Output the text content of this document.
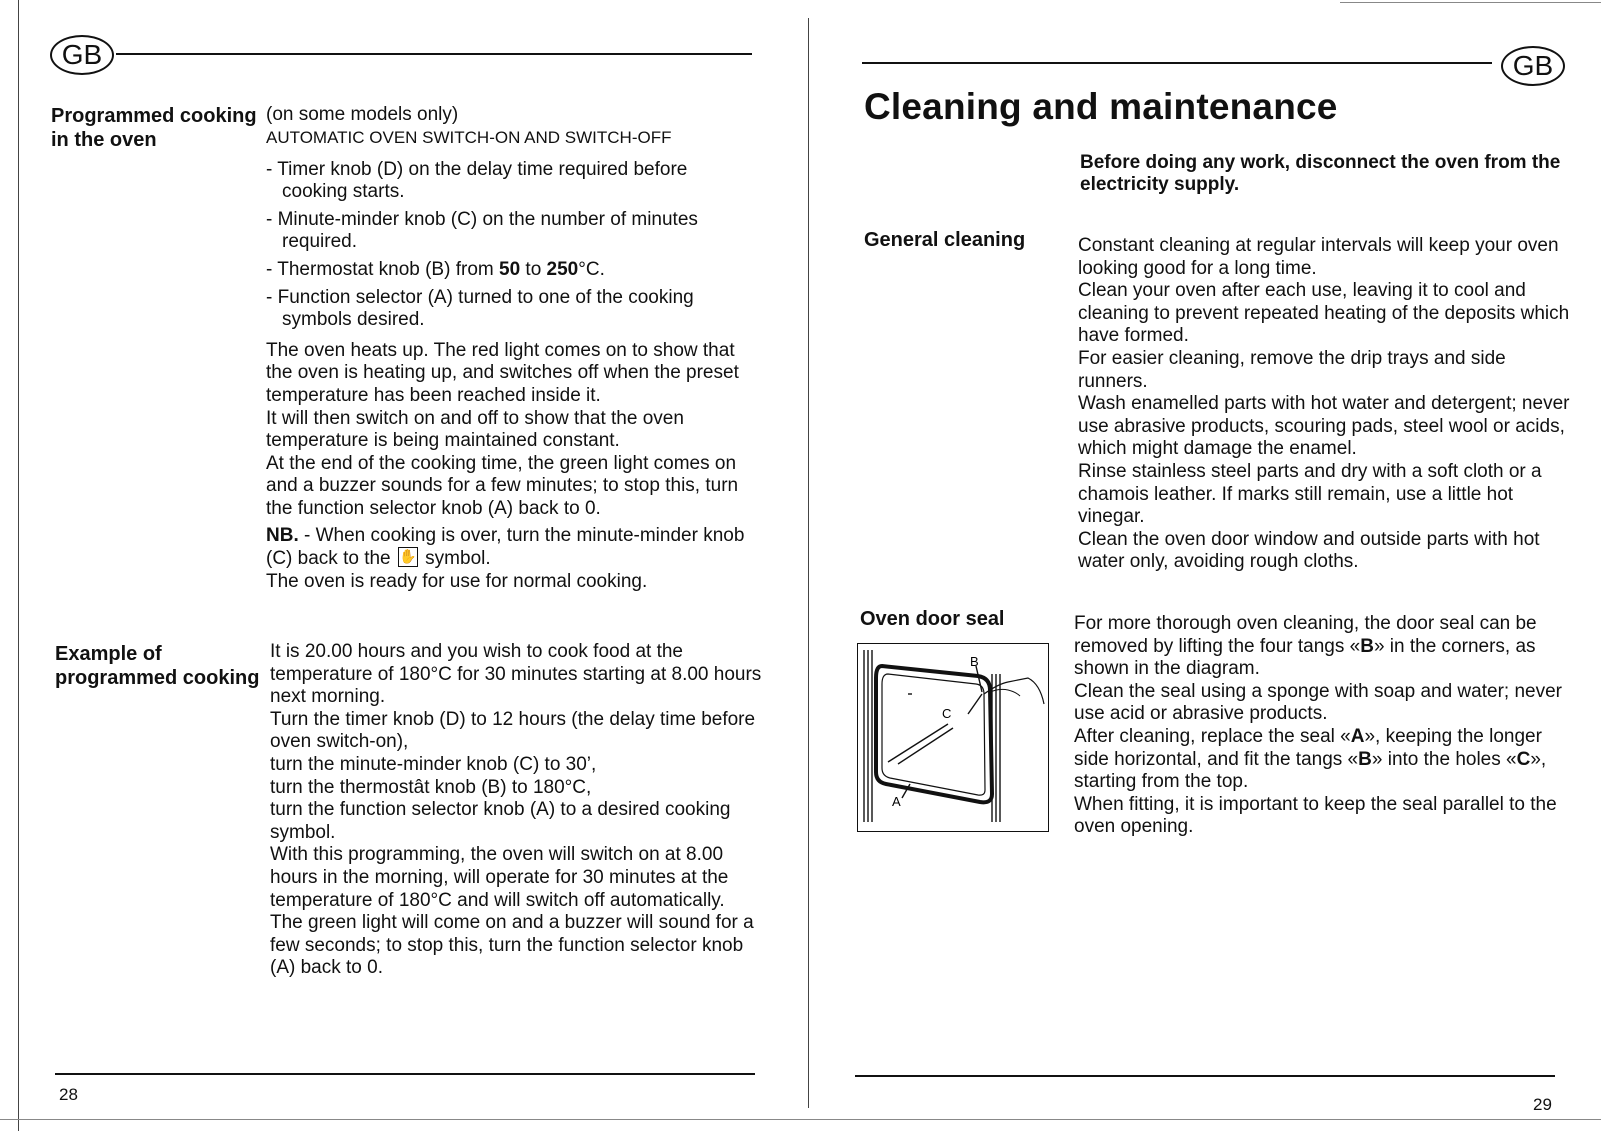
GB
Programmed cooking
in the oven

(on some models only)

AUTOMATIC OVEN SWITCH-ON AND SWITCH-OFF

- Timer knob (D) on the delay time required before cooking starts.
- Minute-minder knob (C) on the number of minutes required.
- Thermostat knob (B) from 50 to 250°C.
- Function selector (A) turned to one of the cooking symbols desired.

The oven heats up. The red light comes on to show that the oven is heating up, and switches off when the preset temperature has been reached inside it.

It will then switch on and off to show that the oven temperature is being maintained constant.

At the end of the cooking time, the green light comes on and a buzzer sounds for a few minutes; to stop this, turn the function selector knob (A) back to 0.

NB. - When cooking is over, turn the minute-minder knob (C) back to the ✋ symbol.

The oven is ready for use for normal cooking.

Example of
programmed cooking

It is 20.00 hours and you wish to cook food at the temperature of 180°C for 30 minutes starting at 8.00 hours next morning.

Turn the timer knob (D) to 12 hours (the delay time before oven switch-on),

turn the minute-minder knob (C) to 30’,

turn the thermostât knob (B) to 180°C,

turn the function selector knob (A) to a desired cooking symbol.

With this programming, the oven will switch on at 8.00 hours in the morning, will operate for 30 minutes at the temperature of 180°C and will switch off automatically.

The green light will come on and a buzzer will sound for a few seconds; to stop this, turn the function selector knob (A) back to 0.

28
GB
Cleaning and maintenance
Before doing any work, disconnect the oven from the electricity supply.
General cleaning	Constant cleaning at regular intervals will keep your oven looking good for a long time.

Clean your oven after each use, leaving it to cool and cleaning to prevent repeated heating of the deposits which have formed.

For easier cleaning, remove the drip trays and side runners.

Wash enamelled parts with hot water and detergent; never use abrasive products, scouring pads, steel wool or acids, which might damage the enamel.

Rinse stainless steel parts and dry with a soft cloth or a chamois leather. If marks still remain, use a little hot vinegar.

Clean the oven door window and outside parts with hot water only, avoiding rough cloths.

Oven door seal
B
C
A

For more thorough oven cleaning, the door seal can be removed by lifting the four tangs «B» in the corners, as shown in the diagram.

Clean the seal using a sponge with soap and water; never use acid or abrasive products.

After cleaning, replace the seal «A», keeping the longer side horizontal, and fit the tangs «B» into the holes «C», starting from the top.

When fitting, it is important to keep the seal parallel to the oven opening.

29
